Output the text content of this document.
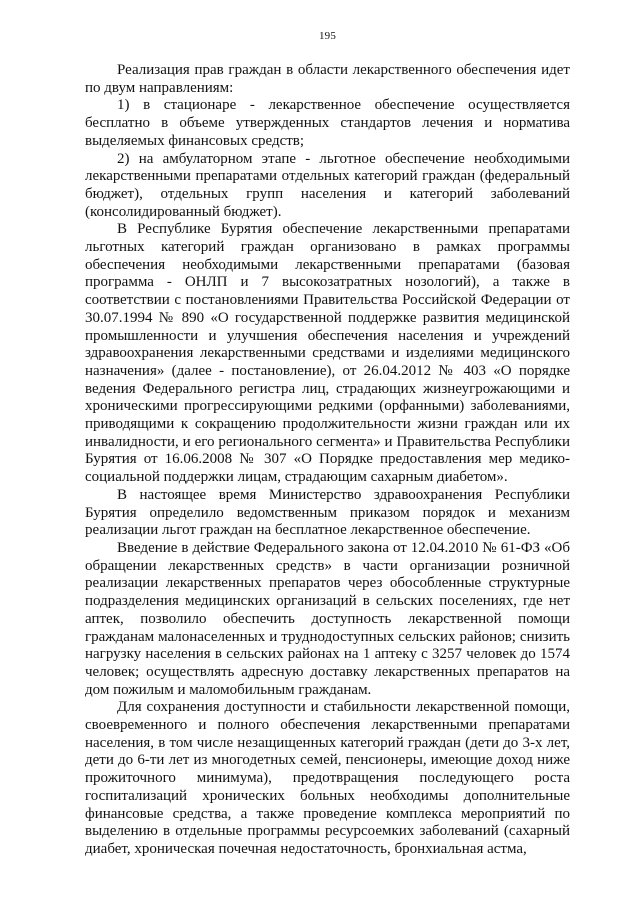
195

Реализация прав граждан в области лекарственного обеспечения идет по двум направлениям:

1) в стационаре - лекарственное обеспечение осуществляется бесплатно в объеме утвержденных стандартов лечения и норматива выделяемых финансовых средств;

2) на амбулаторном этапе - льготное обеспечение необходимыми лекарственными препаратами отдельных категорий граждан (федеральный бюджет), отдельных групп населения и категорий заболеваний (консолидированный бюджет).

В Республике Бурятия обеспечение лекарственными препаратами льготных категорий граждан организовано в рамках программы обеспечения необходимыми лекарственными препаратами (базовая программа - ОНЛП и 7 высокозатратных нозологий), а также в соответствии с постановлениями Правительства Российской Федерации от 30.07.1994 № 890 «О государственной поддержке развития медицинской промышленности и улучшения обеспечения населения и учреждений здравоохранения лекарственными средствами и изделиями медицинского назначения» (далее - постановление), от 26.04.2012 № 403 «О порядке ведения Федерального регистра лиц, страдающих жизнеугрожающими и хроническими прогрессирующими редкими (орфанными) заболеваниями, приводящими к сокращению продолжительности жизни граждан или их инвалидности, и его регионального сегмента» и Правительства Республики Бурятия от 16.06.2008 № 307 «О Порядке предоставления мер медико-социальной поддержки лицам, страдающим сахарным диабетом».

В настоящее время Министерство здравоохранения Республики Бурятия определило ведомственным приказом порядок и механизм реализации льгот граждан на бесплатное лекарственное обеспечение.

Введение в действие Федерального закона от 12.04.2010 № 61-ФЗ «Об обращении лекарственных средств» в части организации розничной реализации лекарственных препаратов через обособленные структурные подразделения медицинских организаций в сельских поселениях, где нет аптек, позволило обеспечить доступность лекарственной помощи гражданам малонаселенных и труднодоступных сельских районов; снизить нагрузку населения в сельских районах на 1 аптеку с 3257 человек до 1574 человек; осуществлять адресную доставку лекарственных препаратов на дом пожилым и маломобильным гражданам.

Для сохранения доступности и стабильности лекарственной помощи, своевременного и полного обеспечения лекарственными препаратами населения, в том числе незащищенных категорий граждан (дети до 3-х лет, дети до 6-ти лет из многодетных семей, пенсионеры, имеющие доход ниже прожиточного минимума), предотвращения последующего роста госпитализаций хронических больных необходимы дополнительные финансовые средства, а также проведение комплекса мероприятий по выделению в отдельные программы ресурсоемких заболеваний (сахарный диабет, хроническая почечная недостаточность, бронхиальная астма,
